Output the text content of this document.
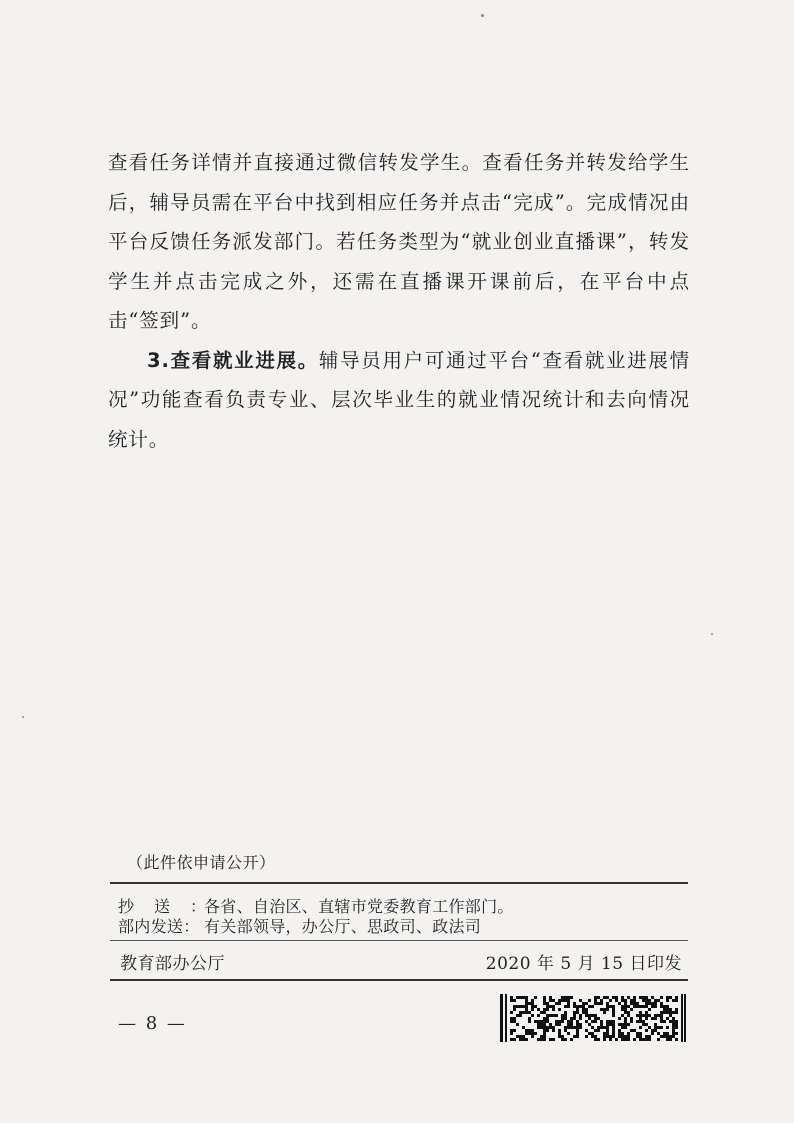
查看任务详情并直接通过微信转发学生。查看任务并转发给学生后，辅导员需在平台中找到相应任务并点击“完成”。完成情况由平台反馈任务派发部门。若任务类型为“就业创业直播课”，转发学生并点击完成之外，还需在直播课开课前后，在平台中点击“签到”。

3.查看就业进展。辅导员用户可通过平台“查看就业进展情况”功能查看负责专业、层次毕业生的就业情况统计和去向情况统计。

（此件依申请公开）
抄送：
各省、自治区、直辖市党委教育工作部门。
部内发送： 有关部领导，办公厅、思政司、政法司
教育部办公厅	2020 年 5 月 15 日印发
— 8 —
